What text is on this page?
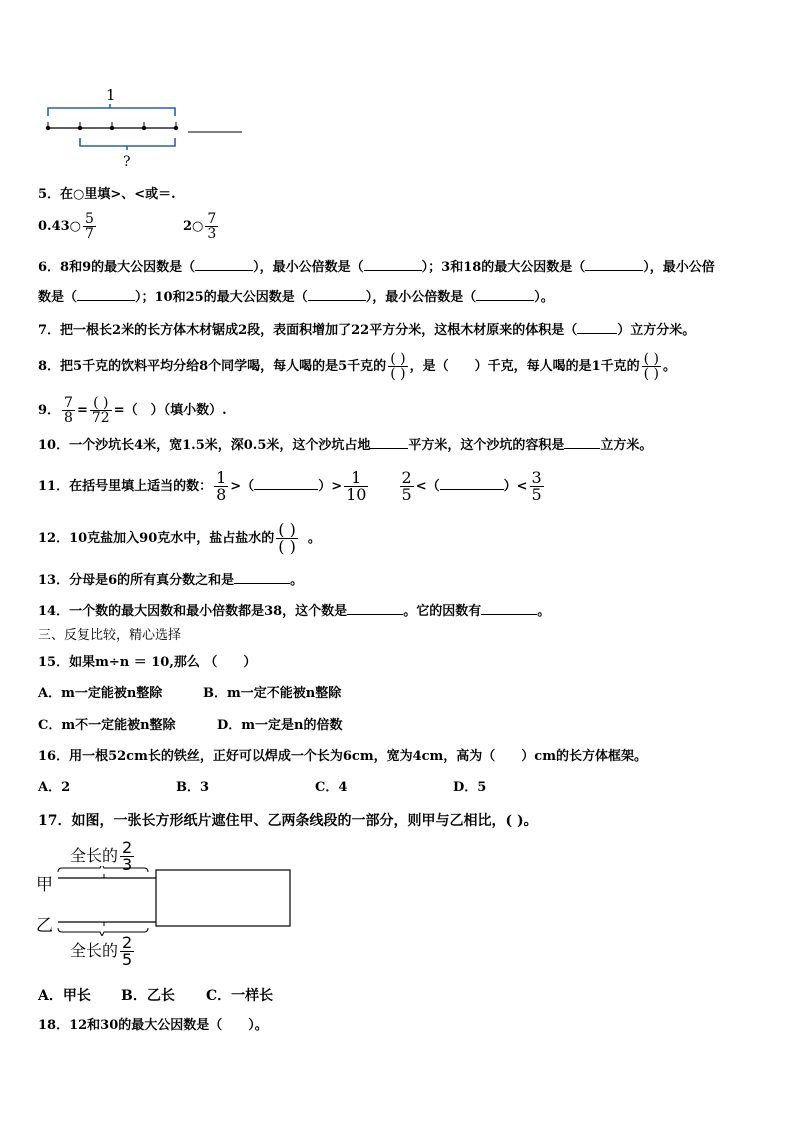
1
?
5．在○里填>、<或＝.
0.43○ $\frac{5}{7}$	2○ $\frac{7}{3}$
6．8和9的最大公因数是（	），最小公倍数是（	）；3和18的最大公因数是（	），最小公倍
数是（	）；10和25的最大公因数是（	），最小公倍数是（	）。
7．把一根长2米的长方体木材锯成2段，表面积增加了22平方分米，这根木材原来的体积是（	）立方分米。
8．把5千克的饮料平均分给8个同学喝，每人喝的是5千克的 $\frac{( )}{( )}$ ，是（　　）千克，每人喝的是1千克的 $\frac{( )}{( )}$ 。
9． $\frac{7}{8} = \frac{( )}{72}$ =（　）（填小数）.
10．一个沙坑长4米，宽1.5米，深0.5米，这个沙坑占地	平方米，这个沙坑的容积是	立方米。
11．在括号里填上适当的数： $\frac{1}{8}$ >（	）> $\frac{1}{10}$
$\frac{2}{5}$ <（	）< $\frac{3}{5}$
12．10克盐加入90克水中，盐占盐水的 $\frac{( )}{( )}$ 。
13．分母是6的所有真分数之和是	。
14．一个数的最大因数和最小倍数都是38，这个数是	。它的因数有	。
三、反复比较，精心选择
15．如果m÷n ＝ 10,那么 （　　）
A．m一定能被n整除	B．m一定不能被n整除
C．m不一定能被n整除	D．m一定是n的倍数
16．用一根52cm长的铁丝，正好可以焊成一个长为6cm，宽为4cm，高为（　　）cm的长方体框架。
A．2	B．3	C．4	D．5
17．如图，一张长方形纸片遮住甲、乙两条线段的一部分，则甲与乙相比，( )。
全长的 $\frac{2}{3}$
甲
乙
全长的 $\frac{2}{5}$
A．甲长 B．乙长 C．一样长
18．12和30的最大公因数是（　　）。
